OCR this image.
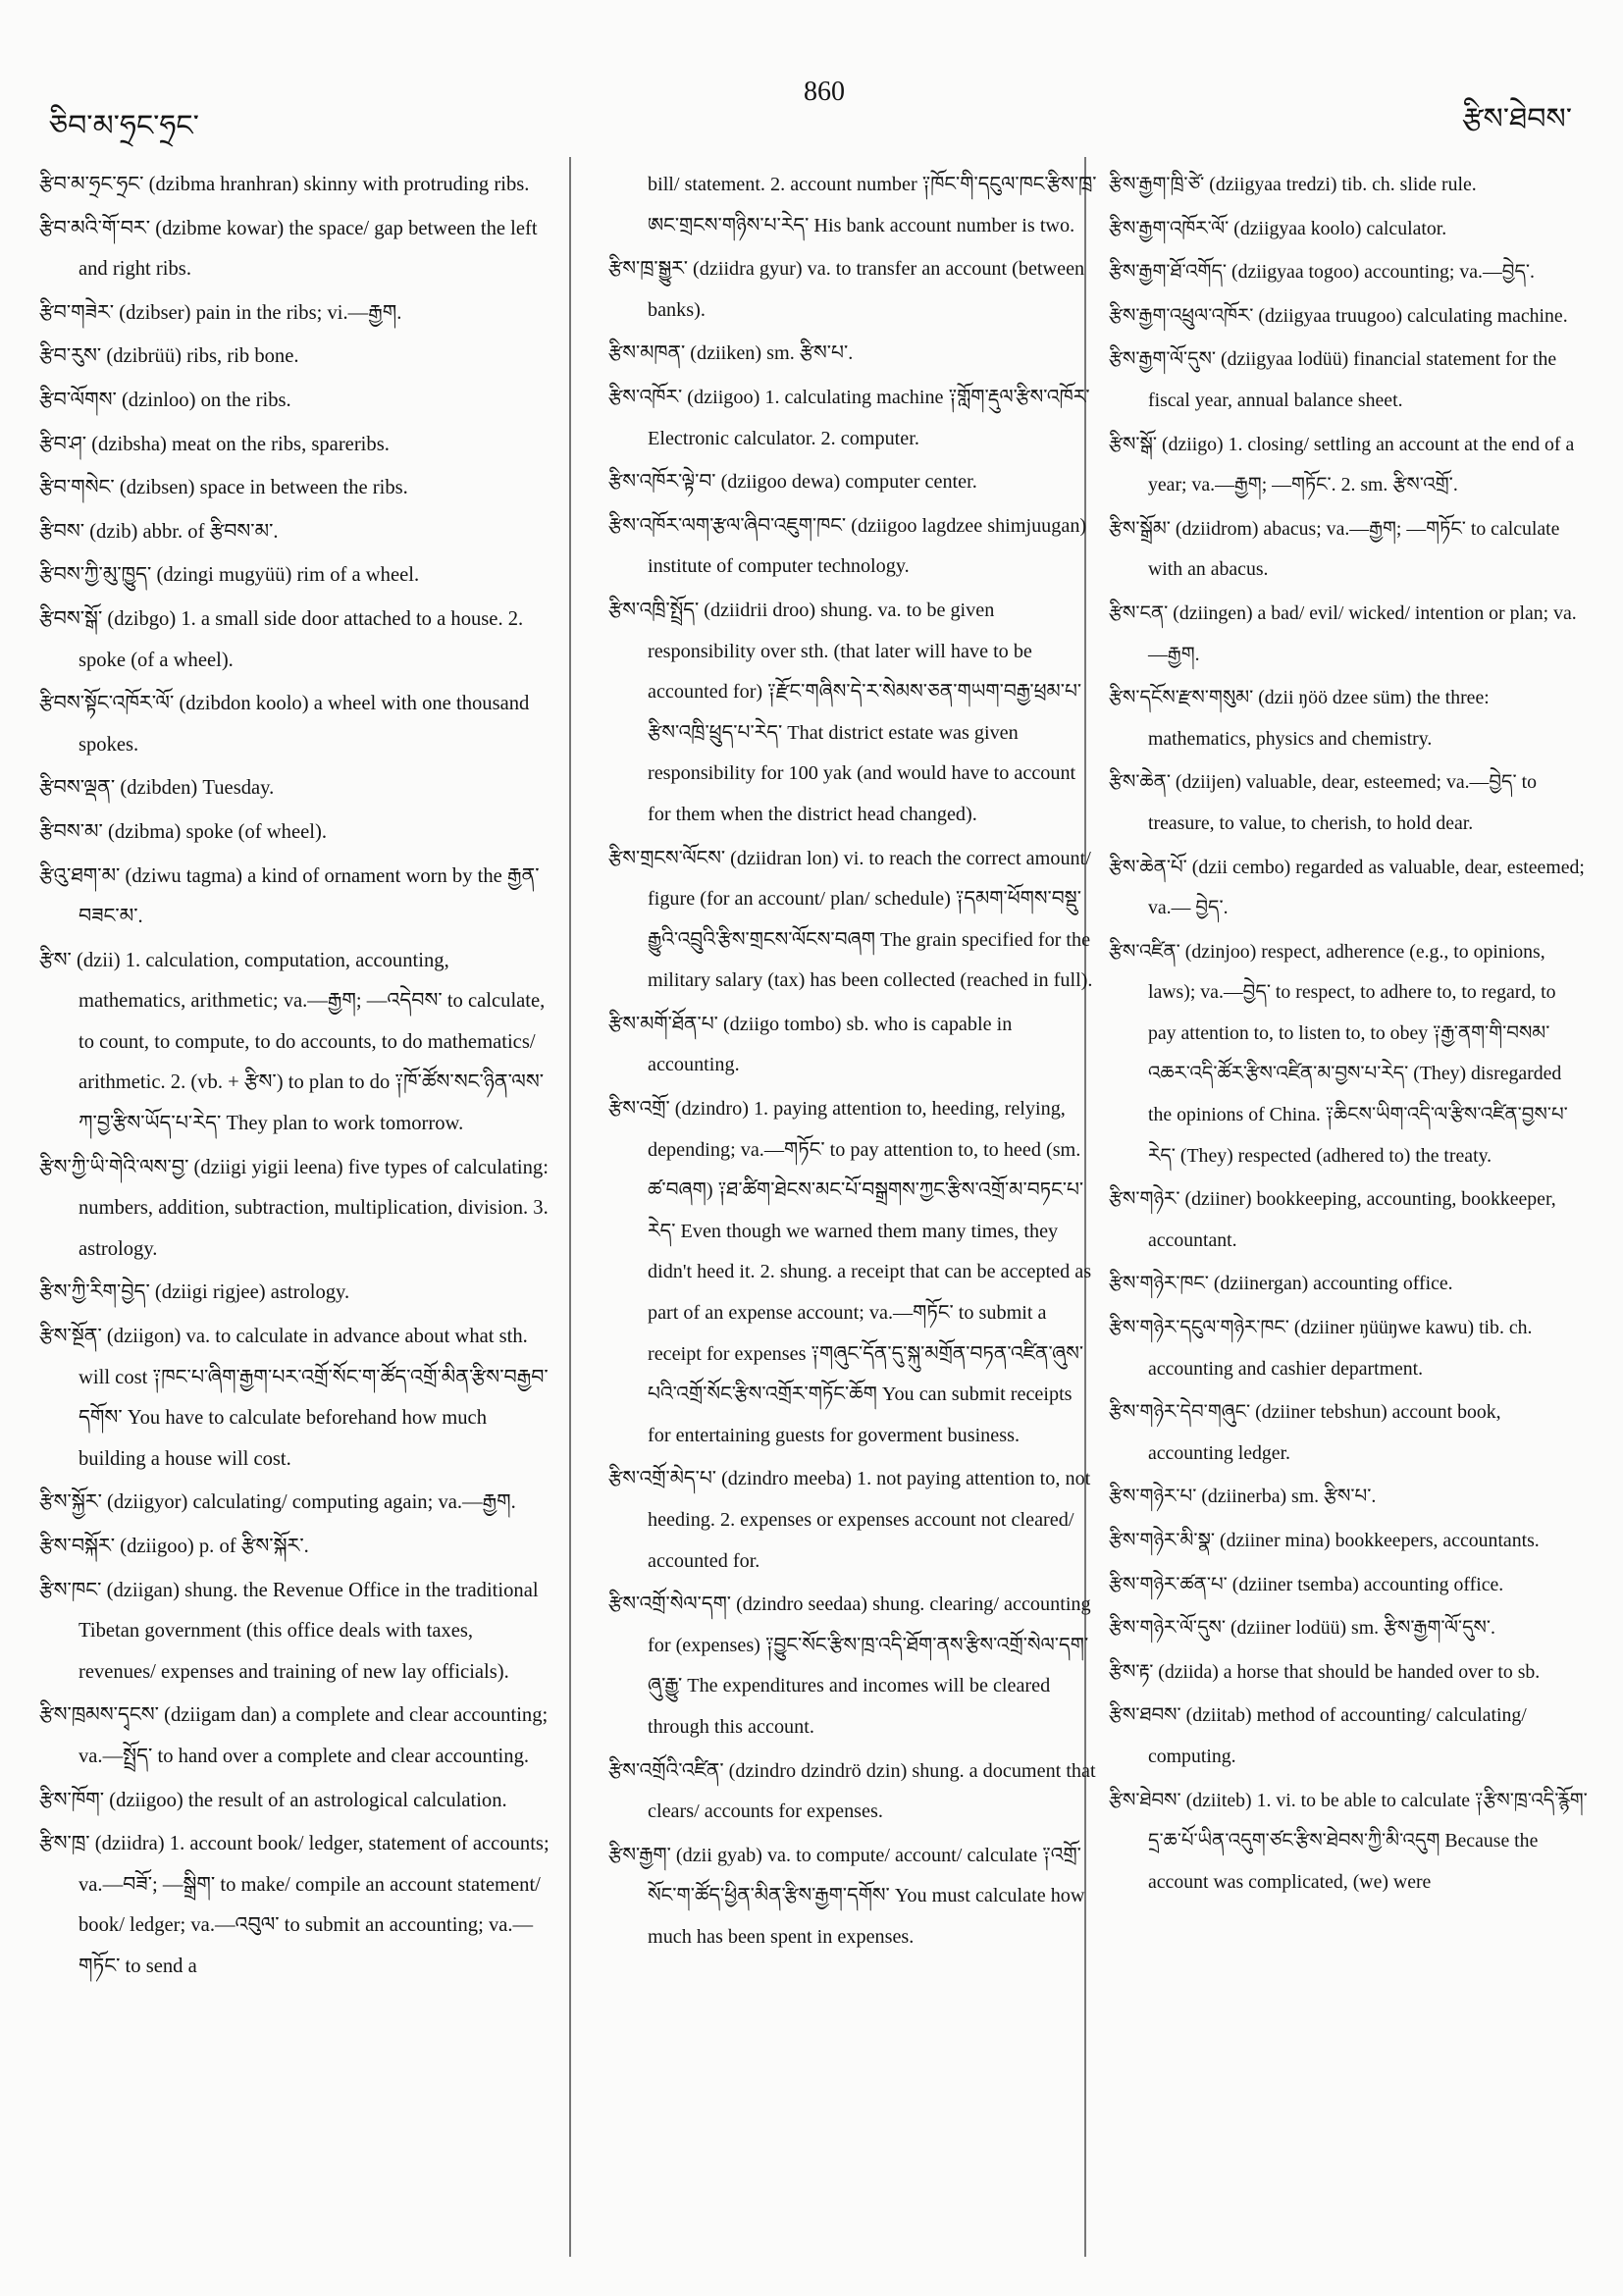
ཅིབ་མ་ཧྲང་ཧྲང་
860
རྩིས་ཐེབས་

རྩིབ་མ་ཧྲང་ཧྲང་ (dzibma hranhran) skinny with protruding ribs.

རྩིབ་མའི་གོ་བར་ (dzibme kowar) the space/ gap between the left and right ribs.

རྩིབ་གཟེར་ (dzibser) pain in the ribs; vi.—རྒྱག.

རྩིབ་རུས་ (dzibrüü) ribs, rib bone.

རྩིབ་ལོགས་ (dzinloo) on the ribs.

རྩིབ་ཤ་ (dzibsha) meat on the ribs, spareribs.

རྩིབ་གསེང་ (dzibsen) space in between the ribs.

རྩིབས་ (dzib) abbr. of རྩིབས་མ་.

རྩིབས་ཀྱི་མུ་ཁྱུད་ (dzingi mugyüü) rim of a wheel.

རྩིབས་སྒོ་ (dzibgo) 1. a small side door attached to a house. 2. spoke (of a wheel).

རྩིབས་སྟོང་འཁོར་ལོ་ (dzibdon koolo) a wheel with one thousand spokes.

རྩིབས་ལྡན་ (dzibden) Tuesday.

རྩིབས་མ་ (dzibma) spoke (of wheel).

རྩིའུ་ཐག་མ་ (dziwu tagma) a kind of ornament worn by the རྒྱན་བཟང་མ་.

རྩིས་ (dzii) 1. calculation, computation, accounting, mathematics, arithmetic; va.—རྒྱག; —འདེབས་ to calculate, to count, to compute, to do accounts, to do mathematics/ arithmetic. 2. (vb. + རྩིས་) to plan to do ༑ཁོ་ཚོས་སང་ཉིན་ལས་ཀ་བྱ་རྩིས་ཡོད་པ་རེད་ They plan to work tomorrow.

རྩིས་ཀྱི་ཡི་གེའི་ལས་བྱ་ (dziigi yigii leena) five types of calculating: numbers, addition, subtraction, multiplication, division. 3. astrology.

རྩིས་ཀྱི་རིག་བྱེད་ (dziigi rigjee) astrology.

རྩིས་སྔོན་ (dziigon) va. to calculate in advance about what sth. will cost ༑ཁང་པ་ཞིག་རྒྱག་པར་འགྲོ་སོང་ག་ཚོད་འགྲོ་མིན་རྩིས་བརྒྱབ་དགོས་ You have to calculate beforehand how much building a house will cost.

རྩིས་སྐྱོར་ (dziigyor) calculating/ computing again; va.—རྒྱག.

རྩིས་བསྐོར་ (dziigoo) p. of རྩིས་སྐོར་.

རྩིས་ཁང་ (dziigan) shung. the Revenue Office in the traditional Tibetan government (this office deals with taxes, revenues/ expenses and training of new lay officials).

རྩིས་ཁྲམས་དྭངས་ (dziigam dan) a complete and clear accounting; va.—སྤྲོད་ to hand over a complete and clear accounting.

རྩིས་ཁོག་ (dziigoo) the result of an astrological calculation.

རྩིས་ཁྲ་ (dziidra) 1. account book/ ledger, statement of accounts; va.—བཟོ་; —སྒྲིག་ to make/ compile an account statement/ book/ ledger; va.—འབུལ་ to submit an accounting; va.—གཏོང་ to send a

bill/ statement. 2. account number ༑ཁོང་གི་དངུལ་ཁང་རྩིས་ཁྲ་ཨང་གྲངས་གཉིས་པ་རེད་ His bank account number is two.

རྩིས་ཁྲ་སྒྱུར་ (dziidra gyur) va. to transfer an account (between banks).

རྩིས་མཁན་ (dziiken) sm. རྩིས་པ་.

རྩིས་འཁོར་ (dziigoo) 1. calculating machine ༑གློག་རྡུལ་རྩིས་འཁོར་ Electronic calculator. 2. computer.

རྩིས་འཁོར་ལྟེ་བ་ (dziigoo dewa) computer center.

རྩིས་འཁོར་ལག་རྩལ་ཞིབ་འཇུག་ཁང་ (dziigoo lagdzee shimjuugan) institute of computer technology.

རྩིས་འཁྲི་སྤྲོད་ (dziidrii droo) shung. va. to be given responsibility over sth. (that later will have to be accounted for) ༑རྫོང་གཞིས་དེ་ར་སེམས་ཅན་གཡག་བརྒྱ་ཕྲམ་པ་རྩིས་འཁྲི་ཕྲུད་པ་རེད་ That district estate was given responsibility for 100 yak (and would have to account for them when the district head changed).

རྩིས་གྲངས་ལོངས་ (dziidran lon) vi. to reach the correct amount/ figure (for an account/ plan/ schedule) ༑དམག་ཕོགས་བསྡུ་རྒྱུའི་འབྲུའི་རྩིས་གྲངས་ལོངས་བཞག The grain specified for the military salary (tax) has been collected (reached in full).

རྩིས་མགོ་ཐོན་པ་ (dziigo tombo) sb. who is capable in accounting.

རྩིས་འགྲོ་ (dzindro) 1. paying attention to, heeding, relying, depending; va.—གཏོང་ to pay attention to, to heed (sm. ཚ་བཞག) ༑ཐ་ཚིག་ཐེངས་མང་པོ་བསྒྲགས་ཀྱང་རྩིས་འགྲོ་མ་བཏང་པ་རེད་ Even though we warned them many times, they didn't heed it. 2. shung. a receipt that can be accepted as part of an expense account; va.—གཏོང་ to submit a receipt for expenses ༑གཞུང་དོན་དུ་སྐུ་མགྲོན་བཏན་འཛིན་ཞུས་པའི་འགྲོ་སོང་རྩིས་འགྲོར་གཏོང་ཆོག You can submit receipts for entertaining guests for goverment business.

རྩིས་འགྲོ་མེད་པ་ (dzindro meeba) 1. not paying attention to, not heeding. 2. expenses or expenses account not cleared/ accounted for.

རྩིས་འགྲོ་སེལ་དག་ (dzindro seedaa) shung. clearing/ accounting for (expenses) ༑བྱུང་སོང་རྩིས་ཁྲ་འདི་ཐོག་ནས་རྩིས་འགྲོ་སེལ་དག་ཞུ་རྒྱུ་ The expenditures and incomes will be cleared through this account.

རྩིས་འགྲོའི་འཛིན་ (dzindro dzindrö dzin) shung. a document that clears/ accounts for expenses.

རྩིས་རྒྱག་ (dzii gyab) va. to compute/ account/ calculate ༑འགྲོ་སོང་ག་ཚོད་ཕྱིན་མིན་རྩིས་རྒྱག་དགོས་ You must calculate how much has been spent in expenses.

རྩིས་རྒྱག་ཁྲི་ཙེ་ (dziigyaa tredzi) tib. ch. slide rule.

རྩིས་རྒྱག་འཁོར་ལོ་ (dziigyaa koolo) calculator.

རྩིས་རྒྱག་ཐོ་འགོད་ (dziigyaa togoo) accounting; va.—བྱེད་.

རྩིས་རྒྱག་འཕྲུལ་འཁོར་ (dziigyaa truugoo) calculating machine.

རྩིས་རྒྱག་ལོ་དུས་ (dziigyaa lodüü) financial statement for the fiscal year, annual balance sheet.

རྩིས་སྒོ་ (dziigo) 1. closing/ settling an account at the end of a year; va.—རྒྱག; —གཏོང་. 2. sm. རྩིས་འགྲོ་.

རྩིས་སྒྲོམ་ (dziidrom) abacus; va.—རྒྱག; —གཏོང་ to calculate with an abacus.

རྩིས་ངན་ (dziingen) a bad/ evil/ wicked/ intention or plan; va.—རྒྱག.

རྩིས་དངོས་རྫས་གསུམ་ (dzii ŋöö dzee süm) the three: mathematics, physics and chemistry.

རྩིས་ཆེན་ (dziijen) valuable, dear, esteemed; va.—བྱེད་ to treasure, to value, to cherish, to hold dear.

རྩིས་ཆེན་པོ་ (dzii cembo) regarded as valuable, dear, esteemed; va.— བྱེད་.

རྩིས་འཛིན་ (dzinjoo) respect, adherence (e.g., to opinions, laws); va.—བྱེད་ to respect, to adhere to, to regard, to pay attention to, to listen to, to obey ༑རྒྱ་ནག་གི་བསམ་འཆར་འདི་ཚོར་རྩིས་འཛིན་མ་བྱས་པ་རེད་ (They) disregarded the opinions of China. ༑ཆིངས་ཡིག་འདི་ལ་རྩིས་འཛིན་བྱས་པ་རེད་ (They) respected (adhered to) the treaty.

རྩིས་གཉེར་ (dziiner) bookkeeping, accounting, bookkeeper, accountant.

རྩིས་གཉེར་ཁང་ (dziinergan) accounting office.

རྩིས་གཉེར་དངུལ་གཉེར་ཁང་ (dziiner ŋüüŋwe kawu) tib. ch. accounting and cashier department.

རྩིས་གཉེར་དེབ་གཞུང་ (dziiner tebshun) account book, accounting ledger.

རྩིས་གཉེར་པ་ (dziinerba) sm. རྩིས་པ་.

རྩིས་གཉེར་མི་སྣ་ (dziiner mina) bookkeepers, accountants.

རྩིས་གཉེར་ཚན་པ་ (dziiner tsemba) accounting office.

རྩིས་གཉེར་ལོ་དུས་ (dziiner lodüü) sm. རྩིས་རྒྱག་ལོ་དུས་.

རྩིས་རྟ་ (dziida) a horse that should be handed over to sb.

རྩིས་ཐབས་ (dziitab) method of accounting/ calculating/ computing.

རྩིས་ཐེབས་ (dziiteb) 1. vi. to be able to calculate ༑རྩིས་ཁྲ་འདི་རྙོག་དྲ་ཆ་པོ་ཡིན་འདུག་ཙང་རྩིས་ཐེབས་ཀྱི་མི་འདུག Because the account was complicated, (we) were
